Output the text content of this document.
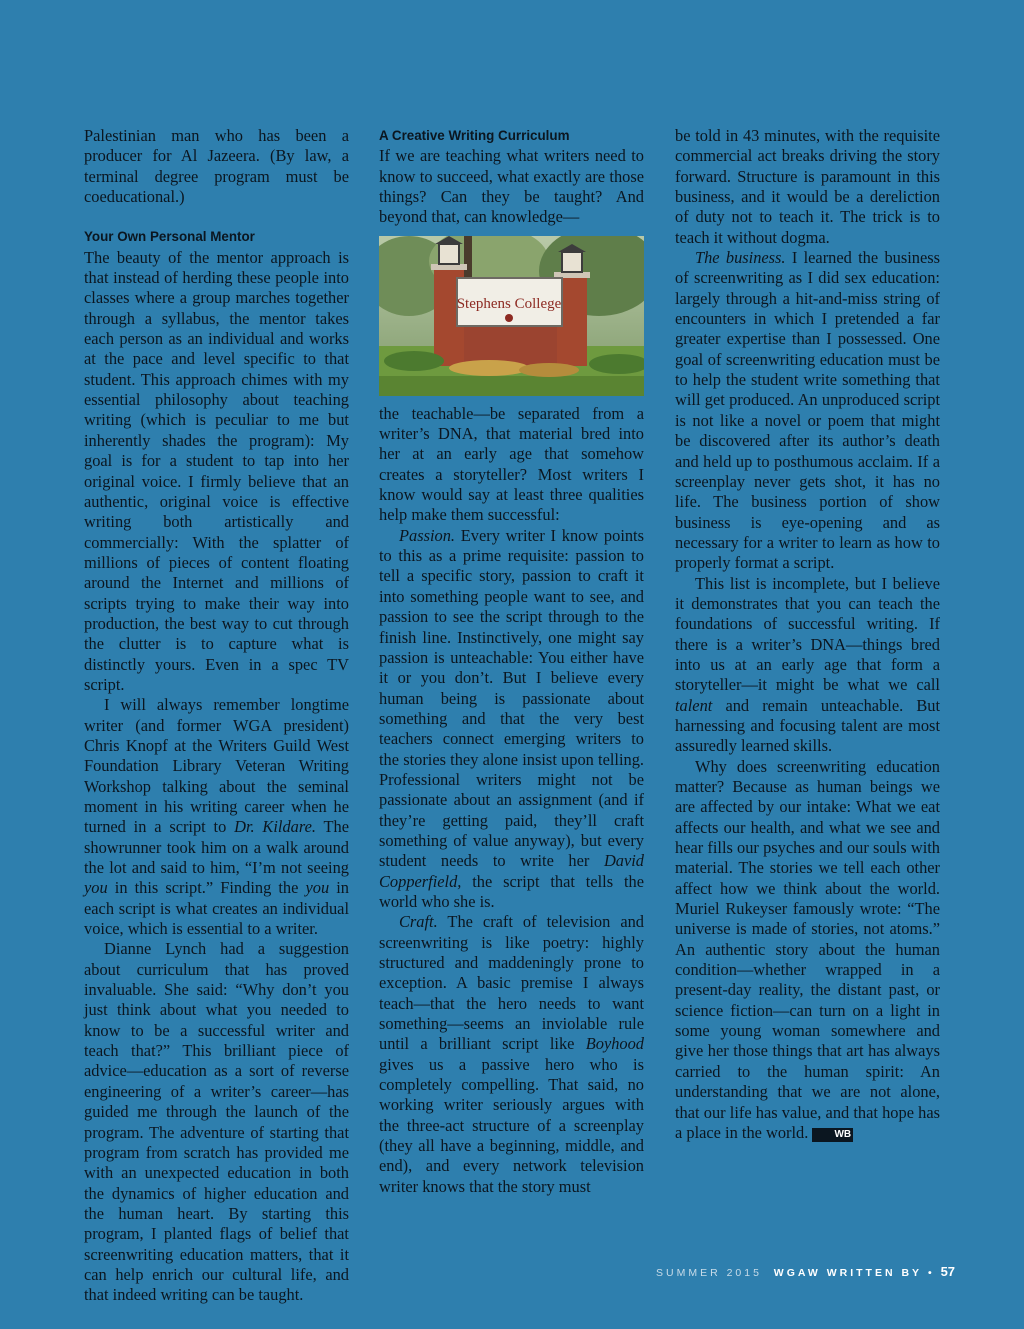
Palestinian man who has been a producer for Al Jazeera. (By law, a terminal degree program must be coeducational.)

Your Own Personal Mentor

The beauty of the mentor approach is that instead of herding these people into classes where a group marches together through a syllabus, the mentor takes each person as an individual and works at the pace and level specific to that student. This approach chimes with my essential philosophy about teaching writing (which is peculiar to me but inherently shades the program): My goal is for a student to tap into her original voice. I firmly believe that an authentic, original voice is effective writing both artistically and commercially: With the splatter of millions of pieces of content floating around the Internet and millions of scripts trying to make their way into production, the best way to cut through the clutter is to capture what is distinctly yours. Even in a spec TV script.

I will always remember longtime writer (and former WGA president) Chris Knopf at the Writers Guild West Foundation Library Veteran Writing Workshop talking about the seminal moment in his writing career when he turned in a script to Dr. Kildare. The showrunner took him on a walk around the lot and said to him, “I’m not seeing you in this script.” Finding the you in each script is what creates an individual voice, which is essential to a writer.

Dianne Lynch had a suggestion about curriculum that has proved invaluable. She said: “Why don’t you just think about what you needed to know to be a successful writer and teach that?” This brilliant piece of advice—education as a sort of reverse engineering of a writer’s career—has guided me through the launch of the program. The adventure of starting that program from scratch has provided me with an unexpected education in both the dynamics of higher education and the human heart. By starting this program, I planted flags of belief that screenwriting education matters, that it can help enrich our cultural life, and that indeed writing can be taught.

A Creative Writing Curriculum

If we are teaching what writers need to know to succeed, what exactly are those things? Can they be taught? And beyond that, can knowledge—

Stephens College

the teachable—be separated from a writer’s DNA, that material bred into her at an early age that somehow creates a storyteller? Most writers I know would say at least three qualities help make them successful:

Passion. Every writer I know points to this as a prime requisite: passion to tell a specific story, passion to craft it into something people want to see, and passion to see the script through to the finish line. Instinctively, one might say passion is unteachable: You either have it or you don’t. But I believe every human being is passionate about something and that the very best teachers connect emerging writers to the stories they alone insist upon telling. Professional writers might not be passionate about an assignment (and if they’re getting paid, they’ll craft something of value anyway), but every student needs to write her David Copperfield, the script that tells the world who she is.

Craft. The craft of television and screenwriting is like poetry: highly structured and maddeningly prone to exception. A basic premise I always teach—that the hero needs to want something—seems an inviolable rule until a brilliant script like Boyhood gives us a passive hero who is completely compelling. That said, no working writer seriously argues with the three-act structure of a screenplay (they all have a beginning, middle, and end), and every network television writer knows that the story must

be told in 43 minutes, with the requisite commercial act breaks driving the story forward. Structure is paramount in this business, and it would be a dereliction of duty not to teach it. The trick is to teach it without dogma.

The business. I learned the business of screenwriting as I did sex education: largely through a hit-and-miss string of encounters in which I pretended a far greater expertise than I possessed. One goal of screenwriting education must be to help the student write something that will get produced. An unproduced script is not like a novel or poem that might be discovered after its author’s death and held up to posthumous acclaim. If a screenplay never gets shot, it has no life. The business portion of show business is eye-opening and as necessary for a writer to learn as how to properly format a script.

This list is incomplete, but I believe it demonstrates that you can teach the foundations of successful writing. If there is a writer’s DNA—things bred into us at an early age that form a storyteller—it might be what we call talent and remain unteachable. But harnessing and focusing talent are most assuredly learned skills.

Why does screenwriting education matter? Because as human beings we are affected by our intake: What we eat affects our health, and what we see and hear fills our psyches and our souls with material. The stories we tell each other affect how we think about the world. Muriel Rukeyser famously wrote: “The universe is made of stories, not atoms.” An authentic story about the human condition—whether wrapped in a present-day reality, the distant past, or science fiction—can turn on a light in some young woman somewhere and give her those things that art has always carried to the human spirit: An understanding that we are not alone, that our life has value, and that hope has a place in the world.	WB

SUMMER 2015 WGAW WRITTEN BY • 57
